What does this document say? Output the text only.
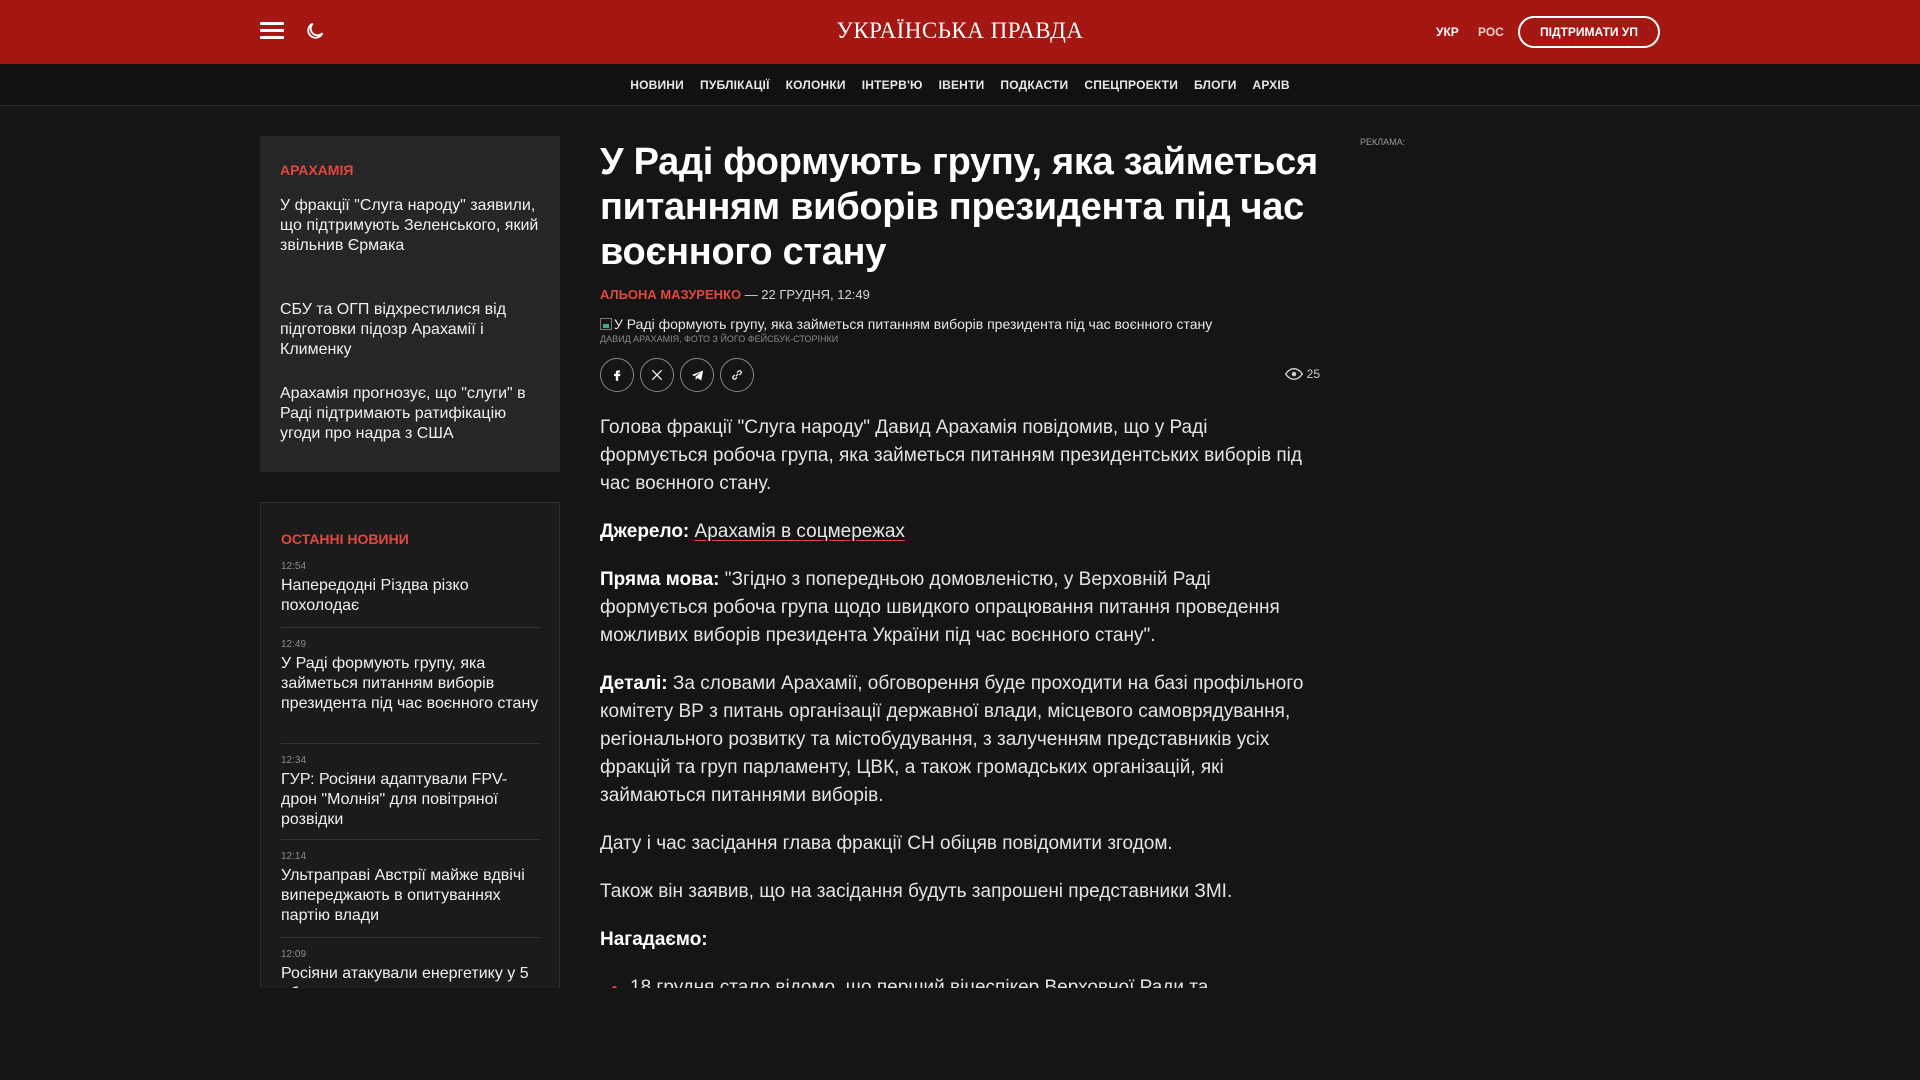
УКРАЇНСЬКА ПРАВДА	УКР РОС	ПІДТРИМАТИ УП
НОВИНИ ПУБЛІКАЦІЇ КОЛОНКИ ІНТЕРВ'Ю ІВЕНТИ ПОДКАСТИ СПЕЦПРОЕКТИ БЛОГИ АРХІВ
АРАХАМІЯ
У фракції "Слуга народу" заявили, що підтримують Зеленського, який звільнив Єрмака
СБУ та ОГП відхрестилися від підготовки підозр Арахамії і Клименку
Арахамія прогнозує, що "слуги" в Раді підтримають ратифікацію угоди про надра з США
ОСТАННІ НОВИНИ
12:54
Напередодні Різдва різко похолодає
12:49
У Раді формують групу, яка займеться питанням виборів президента під час воєнного стану
12:34
ГУР: Росіяни адаптували FPV-дрон "Молнія" для повітряної розвідки
12:14
Ультраправі Австрії майже вдвічі випереджають в опитуваннях партію влади
12:09
Росіяни атакували енергетику у 5
У Раді формують групу, яка займеться питанням виборів президента під час воєнного стану
АЛЬОНА МАЗУРЕНКО — 22 ГРУДНЯ, 12:49
У Раді формують групу, яка займеться питанням виборів президента під час воєнного стану
ДАВИД АРАХАМІЯ, ФОТО З ЙОГО ФЕЙСБУК-СТОРІНКИ
25

Голова фракції "Слуга народу" Давид Арахамія повідомив, що у Раді формується робоча група, яка займеться питанням президентських виборів під час воєнного стану.

Джерело: Арахамія в соцмережах

Пряма мова: "Згідно з попередньою домовленістю, у Верховній Раді формується робоча група щодо швидкого опрацювання питання проведення можливих виборів президента України під час воєнного стану".

Деталі: За словами Арахамії, обговорення буде проходити на базі профільного комітету ВР з питань організації державної влади, місцевого самоврядування, регіонального розвитку та містобудування, з залученням представників усіх фракцій та груп парламенту, ЦВК, а також громадських організацій, які займаються питаннями виборів.

Дату і час засідання глава фракції СН обіцяв повідомити згодом.

Також він заявив, що на засідання будуть запрошені представники ЗМІ.

Нагадаємо:

РЕКЛАМА:
